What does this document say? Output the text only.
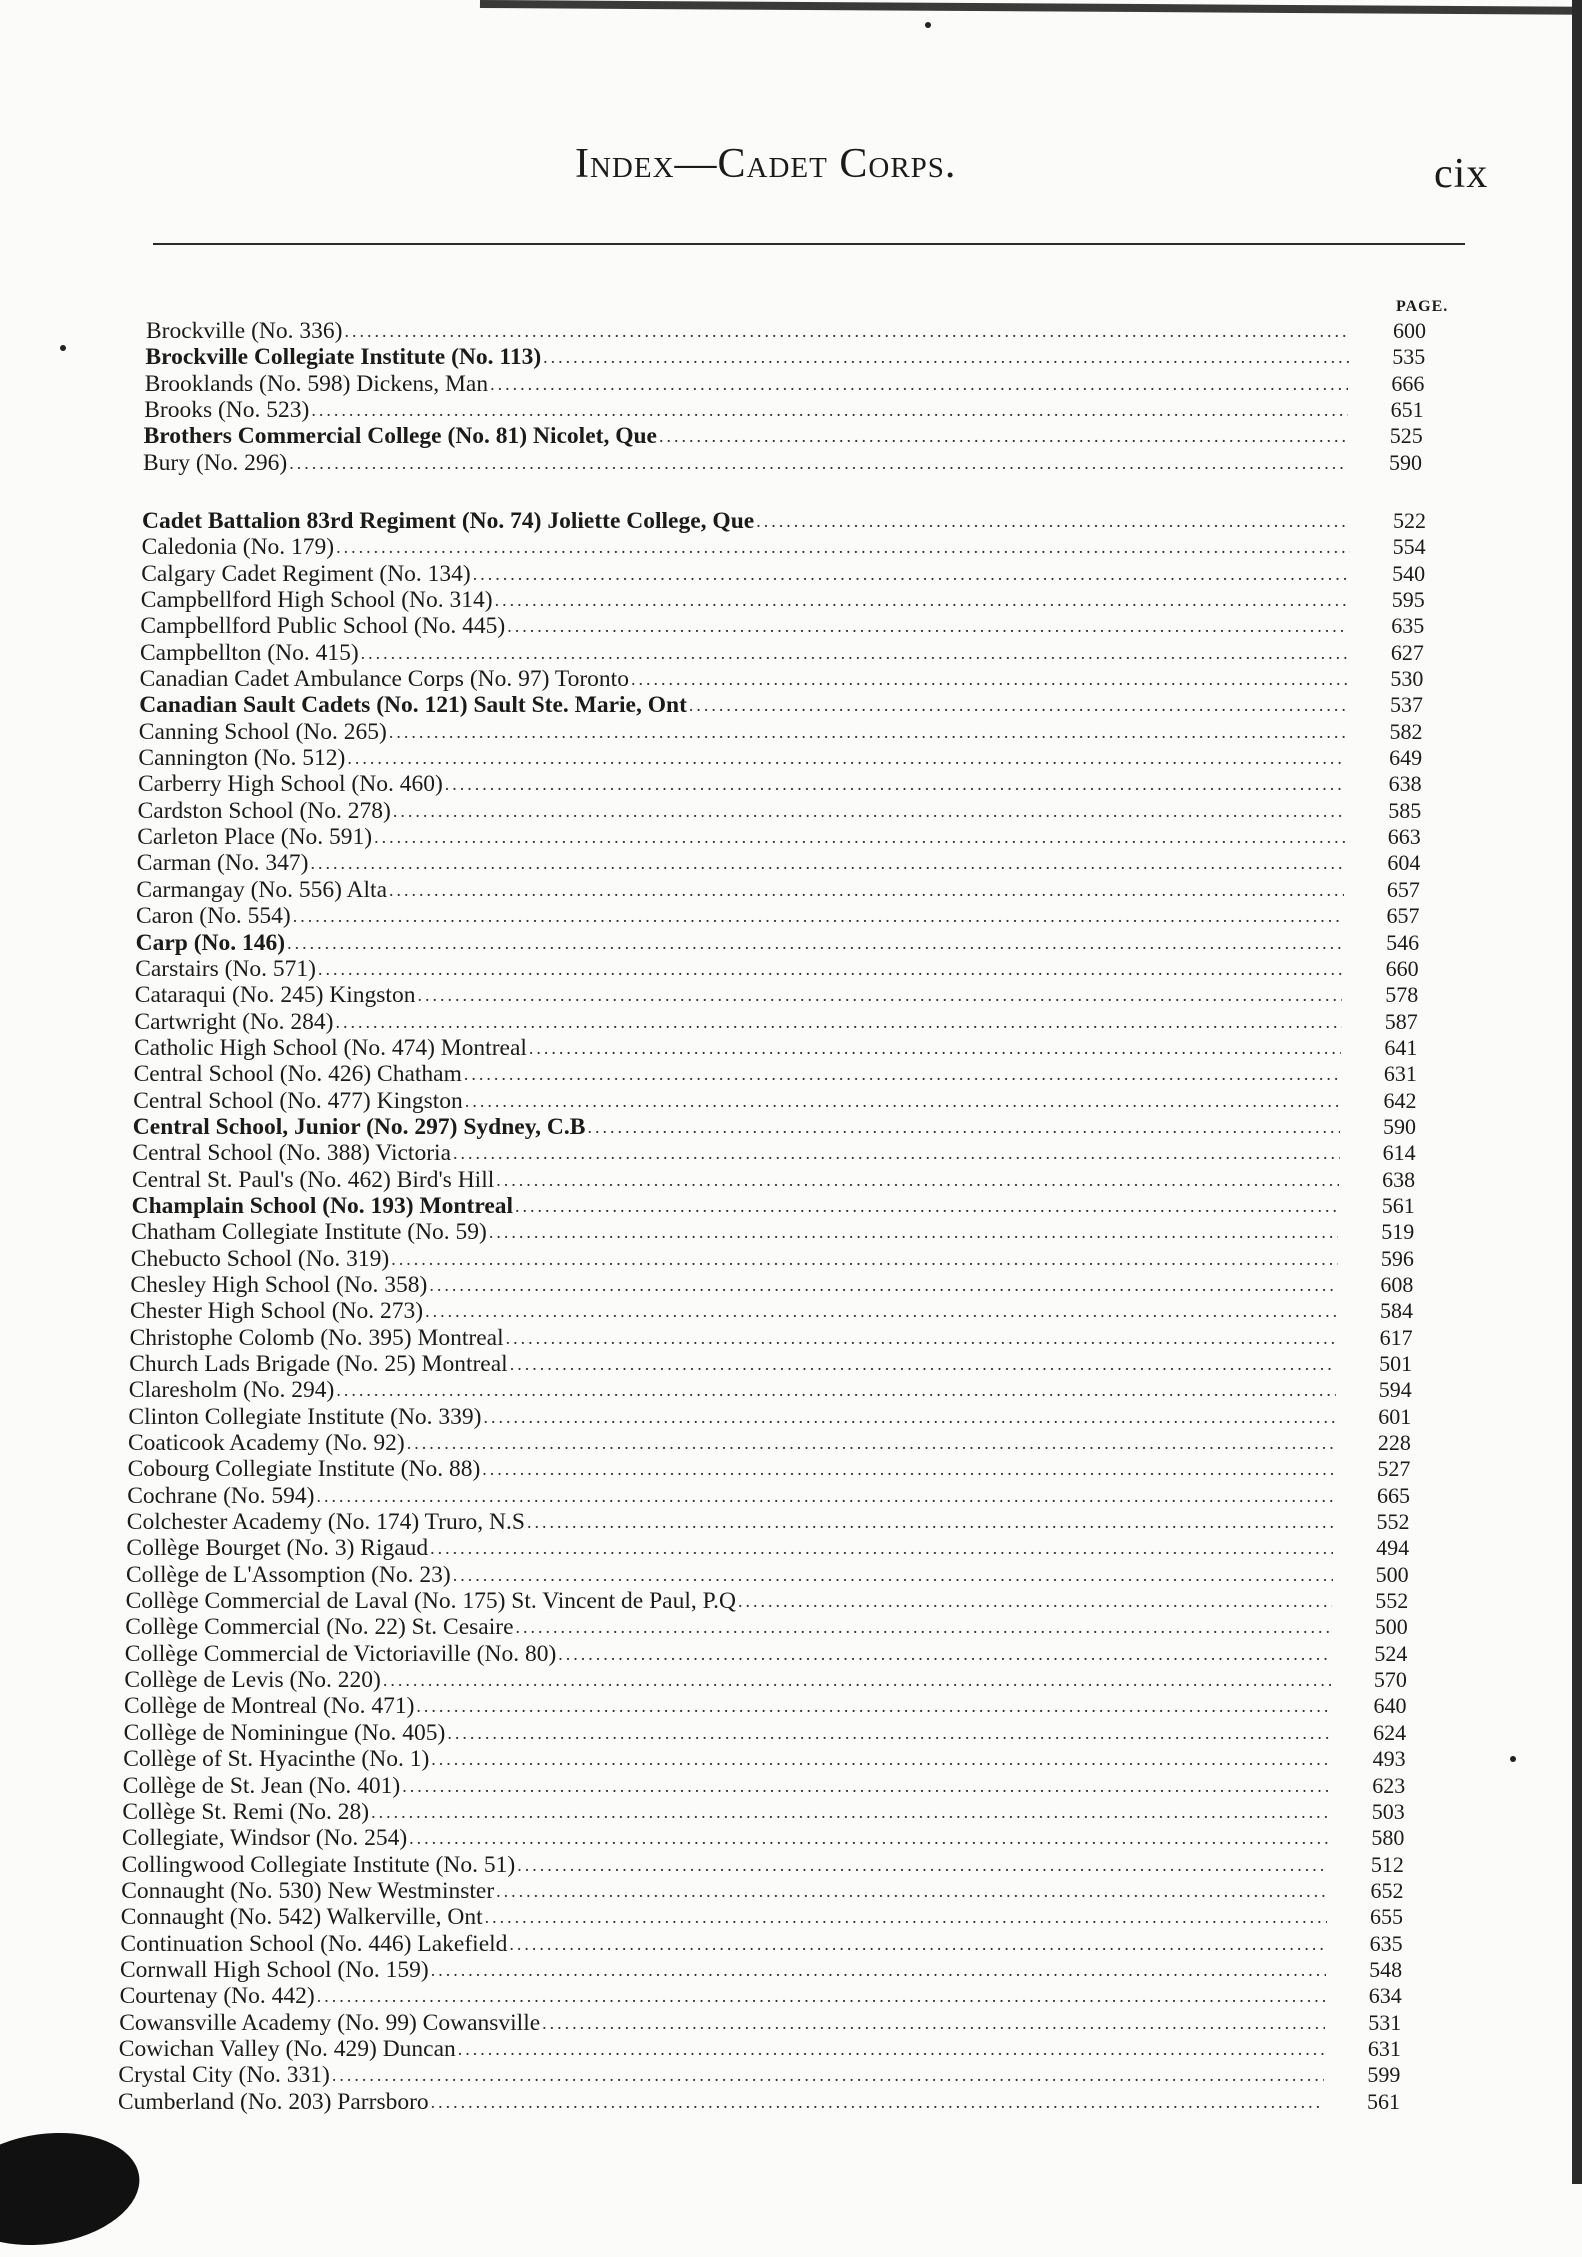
Index—Cadet Corps.	cix
PAGE.
Brockville (No. 336) .....	600
Brockville Collegiate Institute (No. 113) .....	535
Brooklands (No. 598) Dickens, Man .....	666
Brooks (No. 523) .....	651
Brothers Commercial College (No. 81) Nicolet, Que .....	525
Bury (No. 296) .....	590
Cadet Battalion 83rd Regiment (No. 74) Joliette College, Que .....	522
Caledonia (No. 179) .....	554
Calgary Cadet Regiment (No. 134) .....	540
Campbellford High School (No. 314) .....	595
Campbellford Public School (No. 445) .....	635
Campbellton (No. 415) .....	627
Canadian Cadet Ambulance Corps (No. 97) Toronto .....	530
Canadian Sault Cadets (No. 121) Sault Ste. Marie, Ont .....	537
Canning School (No. 265) .....	582
Cannington (No. 512) .....	649
Carberry High School (No. 460) .....	638
Cardston School (No. 278) .....	585
Carleton Place (No. 591) .....	663
Carman (No. 347) .....	604
Carmangay (No. 556) Alta .....	657
Caron (No. 554) .....	657
Carp (No. 146) .....	546
Carstairs (No. 571) .....	660
Cataraqui (No. 245) Kingston .....	578
Cartwright (No. 284) .....	587
Catholic High School (No. 474) Montreal .....	641
Central School (No. 426) Chatham .....	631
Central School (No. 477) Kingston .....	642
Central School, Junior (No. 297) Sydney, C.B .....	590
Central School (No. 388) Victoria .....	614
Central St. Paul's (No. 462) Bird's Hill .....	638
Champlain School (No. 193) Montreal .....	561
Chatham Collegiate Institute (No. 59) .....	519
Chebucto School (No. 319) .....	596
Chesley High School (No. 358) .....	608
Chester High School (No. 273) .....	584
Christophe Colomb (No. 395) Montreal .....	617
Church Lads Brigade (No. 25) Montreal .....	501
Claresholm (No. 294) .....	594
Clinton Collegiate Institute (No. 339) .....	601
Coaticook Academy (No. 92) .....	228
Cobourg Collegiate Institute (No. 88) .....	527
Cochrane (No. 594) .....	665
Colchester Academy (No. 174) Truro, N.S .....	552
Collège Bourget (No. 3) Rigaud .....	494
Collège de L'Assomption (No. 23) .....	500
Collège Commercial de Laval (No. 175) St. Vincent de Paul, P.Q .....	552
Collège Commercial (No. 22) St. Cesaire .....	500
Collège Commercial de Victoriaville (No. 80) .....	524
Collège de Levis (No. 220) .....	570
Collège de Montreal (No. 471) .....	640
Collège de Nominingue (No. 405) .....	624
Collège of St. Hyacinthe (No. 1) .....	493
Collège de St. Jean (No. 401) .....	623
Collège St. Remi (No. 28) .....	503
Collegiate, Windsor (No. 254) .....	580
Collingwood Collegiate Institute (No. 51) .....	512
Connaught (No. 530) New Westminster .....	652
Connaught (No. 542) Walkerville, Ont .....	655
Continuation School (No. 446) Lakefield .....	635
Cornwall High School (No. 159) .....	548
Courtenay (No. 442) .....	634
Cowansville Academy (No. 99) Cowansville .....	531
Cowichan Valley (No. 429) Duncan .....	631
Crystal City (No. 331) .....	599
Cumberland (No. 203) Parrsboro .....	561
